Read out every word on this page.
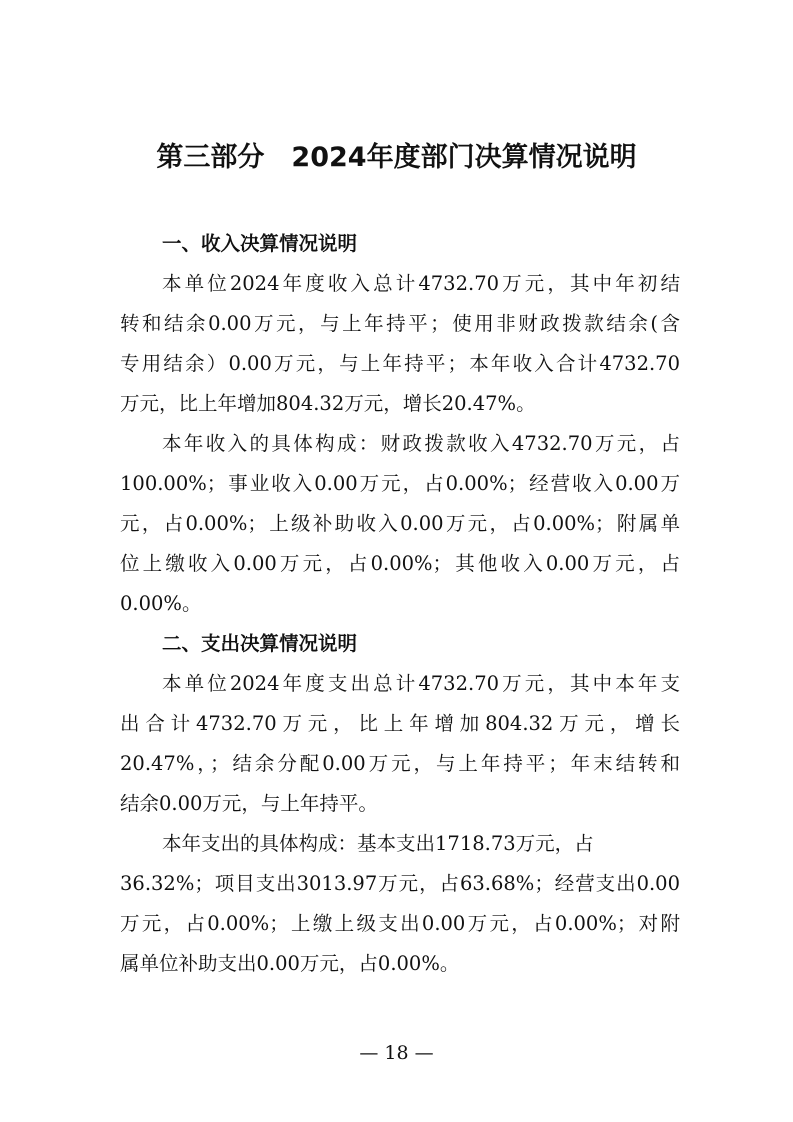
第三部分　2024年度部门决算情况说明
一、收入决算情况说明
本单位2024年度收入总计4732.70万元，其中年初结
转和结余0.00万元，与上年持平；使用非财政拨款结余(含
专用结余）0.00万元，与上年持平；本年收入合计4732.70
万元，比上年增加804.32万元，增长20.47%。
本年收入的具体构成：财政拨款收入4732.70万元，占
100.00%；事业收入0.00万元，占0.00%；经营收入0.00万
元，占0.00%；上级补助收入0.00万元，占0.00%；附属单
位上缴收入0.00万元，占0.00%；其他收入0.00万元，占
0.00%。
二、支出决算情况说明
本单位2024年度支出总计4732.70万元，其中本年支
出合计4732.70万元，比上年增加804.32万元，增长
20.47%，；结余分配0.00万元，与上年持平；年末结转和
结余0.00万元，与上年持平。
本年支出的具体构成：基本支出1718.73万元，占
36.32%；项目支出3013.97万元，占63.68%；经营支出0.00
万元，占0.00%；上缴上级支出0.00万元，占0.00%；对附
属单位补助支出0.00万元，占0.00%。
— 18 —
